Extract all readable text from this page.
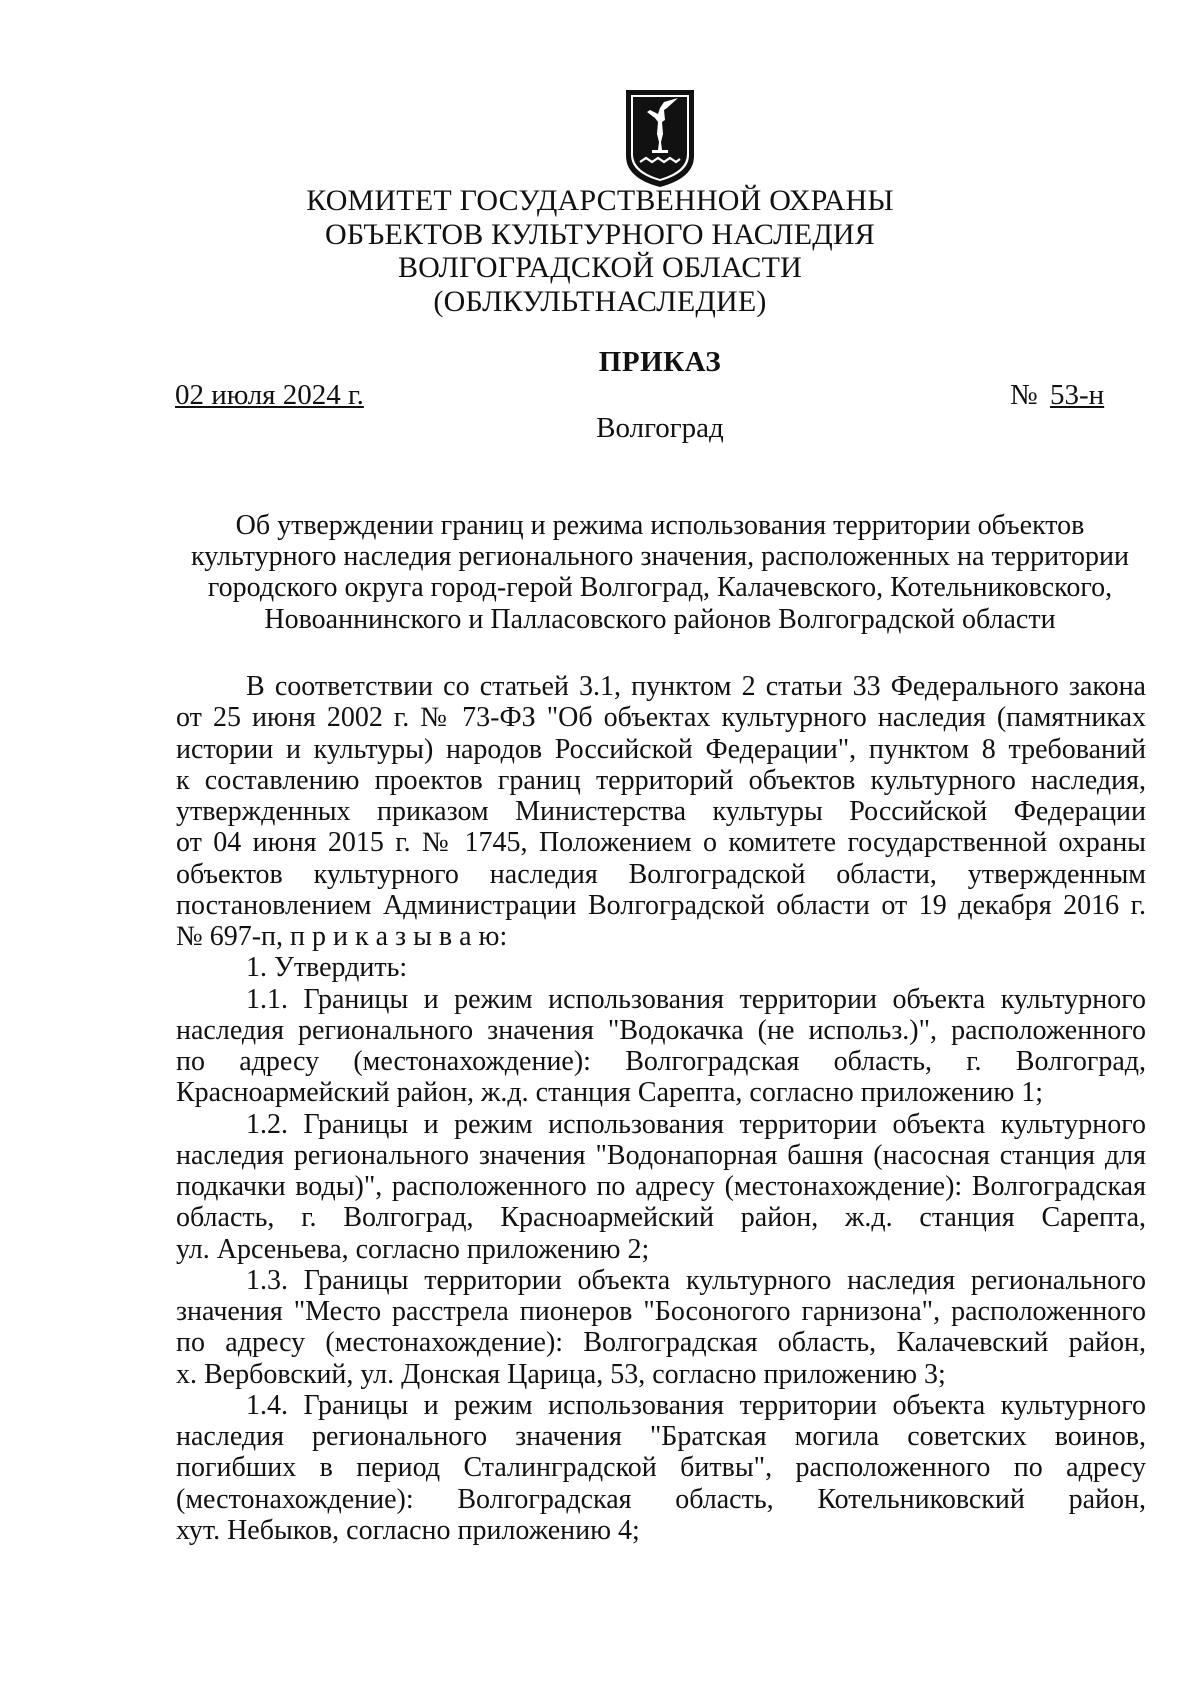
КОМИТЕТ ГОСУДАРСТВЕННОЙ ОХРАНЫ
ОБЪЕКТОВ КУЛЬТУРНОГО НАСЛЕДИЯ
ВОЛГОГРАДСКОЙ ОБЛАСТИ
(ОБЛКУЛЬТНАСЛЕДИЕ)
ПРИКАЗ
02 июля 2024 г.	№ 53-н
Волгоград
Об утверждении границ и режима использования территории объектов
культурного наследия регионального значения, расположенных на территории
городского округа город-герой Волгоград, Калачевского, Котельниковского,
Новоаннинского и Палласовского районов Волгоградской области
В соответствии со статьей 3.1, пунктом 2 статьи 33 Федерального закона
от 25 июня 2002 г. № 73-ФЗ "Об объектах культурного наследия (памятниках
истории и культуры) народов Российской Федерации", пунктом 8 требований
к составлению проектов границ территорий объектов культурного наследия,
утвержденных приказом Министерства культуры Российской Федерации
от 04 июня 2015 г. № 1745, Положением о комитете государственной охраны
объектов культурного наследия Волгоградской области, утвержденным
постановлением Администрации Волгоградской области от 19 декабря 2016 г.
№ 697-п, п р и к а з ы в а ю:
1. Утвердить:
1.1. Границы и режим использования территории объекта культурного
наследия регионального значения "Водокачка (не использ.)", расположенного
по адресу (местонахождение): Волгоградская область, г. Волгоград,
Красноармейский район, ж.д. станция Сарепта, согласно приложению 1;
1.2. Границы и режим использования территории объекта культурного
наследия регионального значения "Водонапорная башня (насосная станция для
подкачки воды)", расположенного по адресу (местонахождение): Волгоградская
область, г. Волгоград, Красноармейский район, ж.д. станция Сарепта,
ул. Арсеньева, согласно приложению 2;
1.3. Границы территории объекта культурного наследия регионального
значения "Место расстрела пионеров "Босоногого гарнизона", расположенного
по адресу (местонахождение): Волгоградская область, Калачевский район,
х. Вербовский, ул. Донская Царица, 53, согласно приложению 3;
1.4. Границы и режим использования территории объекта культурного
наследия регионального значения "Братская могила советских воинов,
погибших в период Сталинградской битвы", расположенного по адресу
(местонахождение): Волгоградская область, Котельниковский район,
хут. Небыков, согласно приложению 4;
